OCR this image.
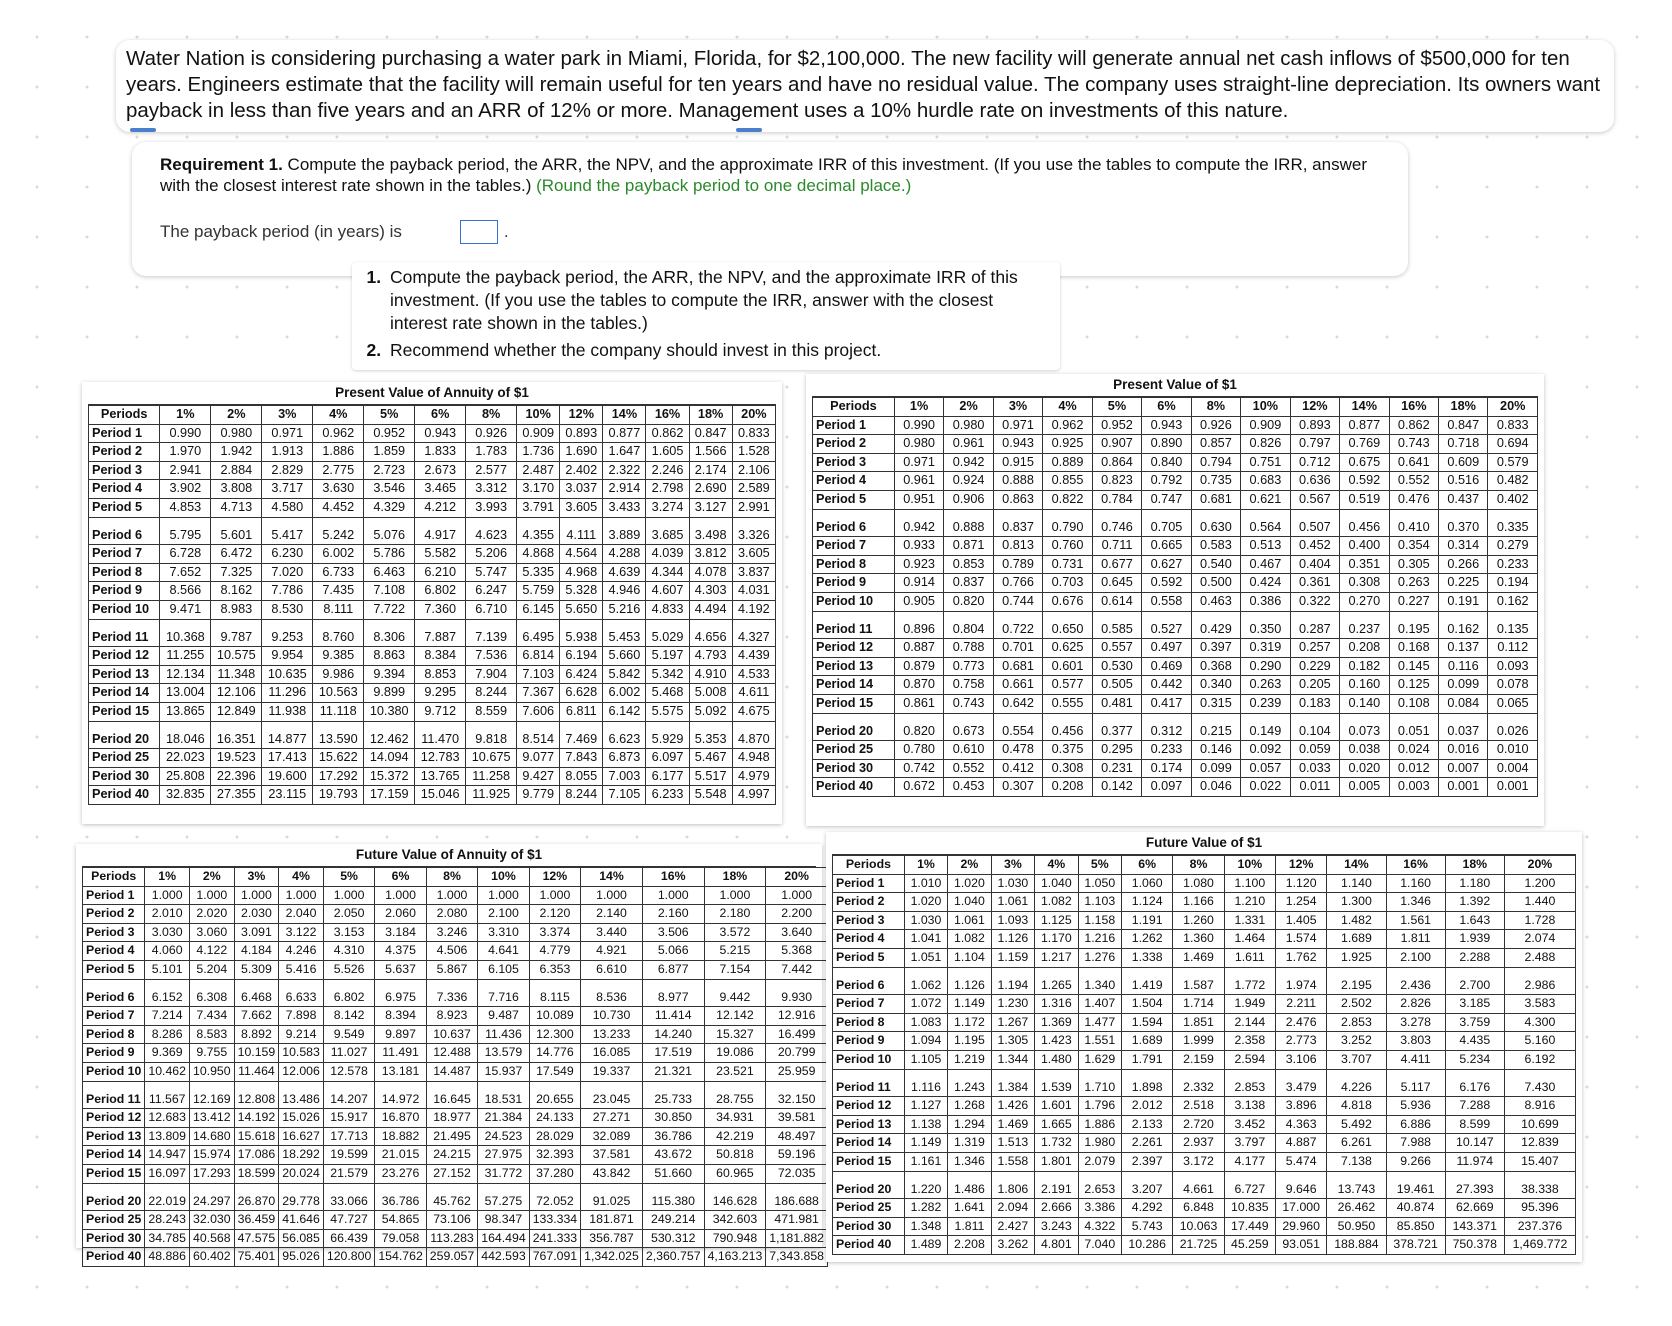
Water Nation is considering purchasing a water park in Miami, Florida, for $2,100,000. The new facility will generate annual net cash inflows of $500,000 for ten years. Engineers estimate that the facility will remain useful for ten years and have no residual value. The company uses straight-line depreciation. Its owners want payback in less than five years and an ARR of 12% or more. Management uses a 10% hurdle rate on investments of this nature.

Requirement 1. Compute the payback period, the ARR, the NPV, and the approximate IRR of this investment. (If you use the tables to compute the IRR, answer with the closest interest rate shown in the tables.) (Round the payback period to one decimal place.)

The payback period (in years) is	.
1. Compute the payback period, the ARR, the NPV, and the approximate IRR of this investment. (If you use the tables to compute the IRR, answer with the closest interest rate shown in the tables.)
2. Recommend whether the company should invest in this project.
Present Value of Annuity of $1
Periods	1%	2%	3%	4%	5%	6%	8%	10%	12%	14%	16%	18%	20%
Period 1	0.990	0.980	0.971	0.962	0.952	0.943	0.926	0.909	0.893	0.877	0.862	0.847	0.833
Period 2	1.970	1.942	1.913	1.886	1.859	1.833	1.783	1.736	1.690	1.647	1.605	1.566	1.528
Period 3	2.941	2.884	2.829	2.775	2.723	2.673	2.577	2.487	2.402	2.322	2.246	2.174	2.106
Period 4	3.902	3.808	3.717	3.630	3.546	3.465	3.312	3.170	3.037	2.914	2.798	2.690	2.589
Period 5	4.853	4.713	4.580	4.452	4.329	4.212	3.993	3.791	3.605	3.433	3.274	3.127	2.991
Period 6	5.795	5.601	5.417	5.242	5.076	4.917	4.623	4.355	4.111	3.889	3.685	3.498	3.326
Period 7	6.728	6.472	6.230	6.002	5.786	5.582	5.206	4.868	4.564	4.288	4.039	3.812	3.605
Period 8	7.652	7.325	7.020	6.733	6.463	6.210	5.747	5.335	4.968	4.639	4.344	4.078	3.837
Period 9	8.566	8.162	7.786	7.435	7.108	6.802	6.247	5.759	5.328	4.946	4.607	4.303	4.031
Period 10	9.471	8.983	8.530	8.111	7.722	7.360	6.710	6.145	5.650	5.216	4.833	4.494	4.192
Period 11	10.368	9.787	9.253	8.760	8.306	7.887	7.139	6.495	5.938	5.453	5.029	4.656	4.327
Period 12	11.255	10.575	9.954	9.385	8.863	8.384	7.536	6.814	6.194	5.660	5.197	4.793	4.439
Period 13	12.134	11.348	10.635	9.986	9.394	8.853	7.904	7.103	6.424	5.842	5.342	4.910	4.533
Period 14	13.004	12.106	11.296	10.563	9.899	9.295	8.244	7.367	6.628	6.002	5.468	5.008	4.611
Period 15	13.865	12.849	11.938	11.118	10.380	9.712	8.559	7.606	6.811	6.142	5.575	5.092	4.675
Period 20	18.046	16.351	14.877	13.590	12.462	11.470	9.818	8.514	7.469	6.623	5.929	5.353	4.870
Period 25	22.023	19.523	17.413	15.622	14.094	12.783	10.675	9.077	7.843	6.873	6.097	5.467	4.948
Period 30	25.808	22.396	19.600	17.292	15.372	13.765	11.258	9.427	8.055	7.003	6.177	5.517	4.979
Period 40	32.835	27.355	23.115	19.793	17.159	15.046	11.925	9.779	8.244	7.105	6.233	5.548	4.997
Present Value of $1
Periods	1%	2%	3%	4%	5%	6%	8%	10%	12%	14%	16%	18%	20%
Period 1	0.990	0.980	0.971	0.962	0.952	0.943	0.926	0.909	0.893	0.877	0.862	0.847	0.833
Period 2	0.980	0.961	0.943	0.925	0.907	0.890	0.857	0.826	0.797	0.769	0.743	0.718	0.694
Period 3	0.971	0.942	0.915	0.889	0.864	0.840	0.794	0.751	0.712	0.675	0.641	0.609	0.579
Period 4	0.961	0.924	0.888	0.855	0.823	0.792	0.735	0.683	0.636	0.592	0.552	0.516	0.482
Period 5	0.951	0.906	0.863	0.822	0.784	0.747	0.681	0.621	0.567	0.519	0.476	0.437	0.402
Period 6	0.942	0.888	0.837	0.790	0.746	0.705	0.630	0.564	0.507	0.456	0.410	0.370	0.335
Period 7	0.933	0.871	0.813	0.760	0.711	0.665	0.583	0.513	0.452	0.400	0.354	0.314	0.279
Period 8	0.923	0.853	0.789	0.731	0.677	0.627	0.540	0.467	0.404	0.351	0.305	0.266	0.233
Period 9	0.914	0.837	0.766	0.703	0.645	0.592	0.500	0.424	0.361	0.308	0.263	0.225	0.194
Period 10	0.905	0.820	0.744	0.676	0.614	0.558	0.463	0.386	0.322	0.270	0.227	0.191	0.162
Period 11	0.896	0.804	0.722	0.650	0.585	0.527	0.429	0.350	0.287	0.237	0.195	0.162	0.135
Period 12	0.887	0.788	0.701	0.625	0.557	0.497	0.397	0.319	0.257	0.208	0.168	0.137	0.112
Period 13	0.879	0.773	0.681	0.601	0.530	0.469	0.368	0.290	0.229	0.182	0.145	0.116	0.093
Period 14	0.870	0.758	0.661	0.577	0.505	0.442	0.340	0.263	0.205	0.160	0.125	0.099	0.078
Period 15	0.861	0.743	0.642	0.555	0.481	0.417	0.315	0.239	0.183	0.140	0.108	0.084	0.065
Period 20	0.820	0.673	0.554	0.456	0.377	0.312	0.215	0.149	0.104	0.073	0.051	0.037	0.026
Period 25	0.780	0.610	0.478	0.375	0.295	0.233	0.146	0.092	0.059	0.038	0.024	0.016	0.010
Period 30	0.742	0.552	0.412	0.308	0.231	0.174	0.099	0.057	0.033	0.020	0.012	0.007	0.004
Period 40	0.672	0.453	0.307	0.208	0.142	0.097	0.046	0.022	0.011	0.005	0.003	0.001	0.001
Future Value of Annuity of $1
Periods	1%	2%	3%	4%	5%	6%	8%	10%	12%	14%	16%	18%	20%
Period 1	1.000	1.000	1.000	1.000	1.000	1.000	1.000	1.000	1.000	1.000	1.000	1.000	1.000
Period 2	2.010	2.020	2.030	2.040	2.050	2.060	2.080	2.100	2.120	2.140	2.160	2.180	2.200
Period 3	3.030	3.060	3.091	3.122	3.153	3.184	3.246	3.310	3.374	3.440	3.506	3.572	3.640
Period 4	4.060	4.122	4.184	4.246	4.310	4.375	4.506	4.641	4.779	4.921	5.066	5.215	5.368
Period 5	5.101	5.204	5.309	5.416	5.526	5.637	5.867	6.105	6.353	6.610	6.877	7.154	7.442
Period 6	6.152	6.308	6.468	6.633	6.802	6.975	7.336	7.716	8.115	8.536	8.977	9.442	9.930
Period 7	7.214	7.434	7.662	7.898	8.142	8.394	8.923	9.487	10.089	10.730	11.414	12.142	12.916
Period 8	8.286	8.583	8.892	9.214	9.549	9.897	10.637	11.436	12.300	13.233	14.240	15.327	16.499
Period 9	9.369	9.755	10.159	10.583	11.027	11.491	12.488	13.579	14.776	16.085	17.519	19.086	20.799
Period 10	10.462	10.950	11.464	12.006	12.578	13.181	14.487	15.937	17.549	19.337	21.321	23.521	25.959
Period 11	11.567	12.169	12.808	13.486	14.207	14.972	16.645	18.531	20.655	23.045	25.733	28.755	32.150
Period 12	12.683	13.412	14.192	15.026	15.917	16.870	18.977	21.384	24.133	27.271	30.850	34.931	39.581
Period 13	13.809	14.680	15.618	16.627	17.713	18.882	21.495	24.523	28.029	32.089	36.786	42.219	48.497
Period 14	14.947	15.974	17.086	18.292	19.599	21.015	24.215	27.975	32.393	37.581	43.672	50.818	59.196
Period 15	16.097	17.293	18.599	20.024	21.579	23.276	27.152	31.772	37.280	43.842	51.660	60.965	72.035
Period 20	22.019	24.297	26.870	29.778	33.066	36.786	45.762	57.275	72.052	91.025	115.380	146.628	186.688
Period 25	28.243	32.030	36.459	41.646	47.727	54.865	73.106	98.347	133.334	181.871	249.214	342.603	471.981
Period 30	34.785	40.568	47.575	56.085	66.439	79.058	113.283	164.494	241.333	356.787	530.312	790.948	1,181.882
Period 40	48.886	60.402	75.401	95.026	120.800	154.762	259.057	442.593	767.091	1,342.025	2,360.757	4,163.213	7,343.858
Future Value of $1
Periods	1%	2%	3%	4%	5%	6%	8%	10%	12%	14%	16%	18%	20%
Period 1	1.010	1.020	1.030	1.040	1.050	1.060	1.080	1.100	1.120	1.140	1.160	1.180	1.200
Period 2	1.020	1.040	1.061	1.082	1.103	1.124	1.166	1.210	1.254	1.300	1.346	1.392	1.440
Period 3	1.030	1.061	1.093	1.125	1.158	1.191	1.260	1.331	1.405	1.482	1.561	1.643	1.728
Period 4	1.041	1.082	1.126	1.170	1.216	1.262	1.360	1.464	1.574	1.689	1.811	1.939	2.074
Period 5	1.051	1.104	1.159	1.217	1.276	1.338	1.469	1.611	1.762	1.925	2.100	2.288	2.488
Period 6	1.062	1.126	1.194	1.265	1.340	1.419	1.587	1.772	1.974	2.195	2.436	2.700	2.986
Period 7	1.072	1.149	1.230	1.316	1.407	1.504	1.714	1.949	2.211	2.502	2.826	3.185	3.583
Period 8	1.083	1.172	1.267	1.369	1.477	1.594	1.851	2.144	2.476	2.853	3.278	3.759	4.300
Period 9	1.094	1.195	1.305	1.423	1.551	1.689	1.999	2.358	2.773	3.252	3.803	4.435	5.160
Period 10	1.105	1.219	1.344	1.480	1.629	1.791	2.159	2.594	3.106	3.707	4.411	5.234	6.192
Period 11	1.116	1.243	1.384	1.539	1.710	1.898	2.332	2.853	3.479	4.226	5.117	6.176	7.430
Period 12	1.127	1.268	1.426	1.601	1.796	2.012	2.518	3.138	3.896	4.818	5.936	7.288	8.916
Period 13	1.138	1.294	1.469	1.665	1.886	2.133	2.720	3.452	4.363	5.492	6.886	8.599	10.699
Period 14	1.149	1.319	1.513	1.732	1.980	2.261	2.937	3.797	4.887	6.261	7.988	10.147	12.839
Period 15	1.161	1.346	1.558	1.801	2.079	2.397	3.172	4.177	5.474	7.138	9.266	11.974	15.407
Period 20	1.220	1.486	1.806	2.191	2.653	3.207	4.661	6.727	9.646	13.743	19.461	27.393	38.338
Period 25	1.282	1.641	2.094	2.666	3.386	4.292	6.848	10.835	17.000	26.462	40.874	62.669	95.396
Period 30	1.348	1.811	2.427	3.243	4.322	5.743	10.063	17.449	29.960	50.950	85.850	143.371	237.376
Period 40	1.489	2.208	3.262	4.801	7.040	10.286	21.725	45.259	93.051	188.884	378.721	750.378	1,469.772
